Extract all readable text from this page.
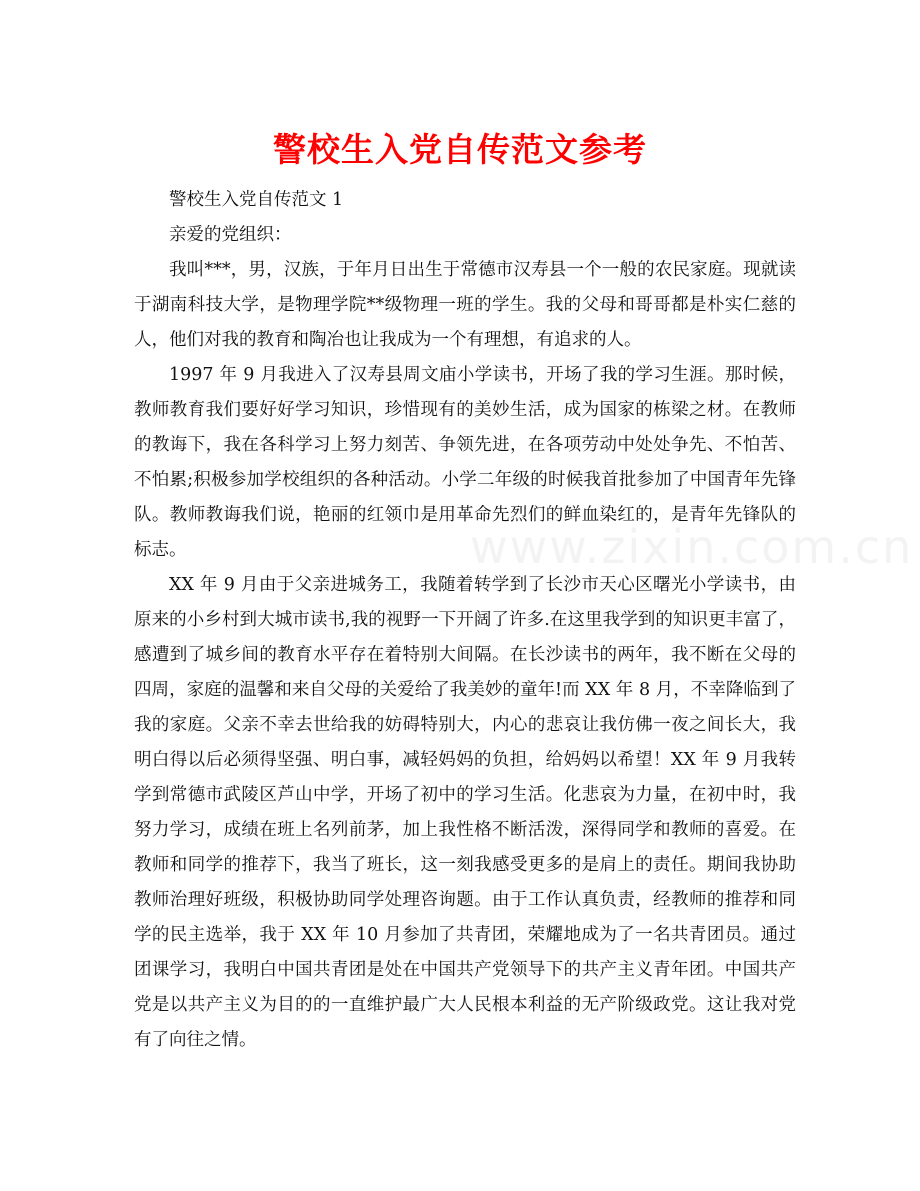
警校生入党自传范文参考
www.zixin.com.cn

警校生入党自传范文 1

亲爱的党组织：

我叫***，男，汉族，于年月日出生于常德市汉寿县一个一般的农民家庭。现就读于湖南科技大学，是物理学院**级物理一班的学生。我的父母和哥哥都是朴实仁慈的人，他们对我的教育和陶冶也让我成为一个有理想，有追求的人。

1997 年 9 月我进入了汉寿县周文庙小学读书，开场了我的学习生涯。那时候，教师教育我们要好好学习知识，珍惜现有的美妙生活，成为国家的栋梁之材。在教师的教诲下，我在各科学习上努力刻苦、争领先进，在各项劳动中处处争先、不怕苦、不怕累;积极参加学校组织的各种活动。小学二年级的时候我首批参加了中国青年先锋队。教师教诲我们说，艳丽的红领巾是用革命先烈们的鲜血染红的，是青年先锋队的标志。

XX 年 9 月由于父亲进城务工，我随着转学到了长沙市天心区曙光小学读书，由原来的小乡村到大城市读书,我的视野一下开阔了许多.在这里我学到的知识更丰富了，感遭到了城乡间的教育水平存在着特别大间隔。在长沙读书的两年，我不断在父母的四周，家庭的温馨和来自父母的关爱给了我美妙的童年!而 XX 年 8 月，不幸降临到了我的家庭。父亲不幸去世给我的妨碍特别大，内心的悲哀让我仿佛一夜之间长大，我明白得以后必须得坚强、明白事，减轻妈妈的负担，给妈妈以希望！XX 年 9 月我转学到常德市武陵区芦山中学，开场了初中的学习生活。化悲哀为力量，在初中时，我努力学习，成绩在班上名列前茅，加上我性格不断活泼，深得同学和教师的喜爱。在教师和同学的推荐下，我当了班长，这一刻我感受更多的是肩上的责任。期间我协助教师治理好班级，积极协助同学处理咨询题。由于工作认真负责，经教师的推荐和同学的民主选举，我于 XX 年 10 月参加了共青团，荣耀地成为了一名共青团员。通过团课学习，我明白中国共青团是处在中国共产党领导下的共产主义青年团。中国共产党是以共产主义为目的的一直维护最广大人民根本利益的无产阶级政党。这让我对党有了向往之情。
